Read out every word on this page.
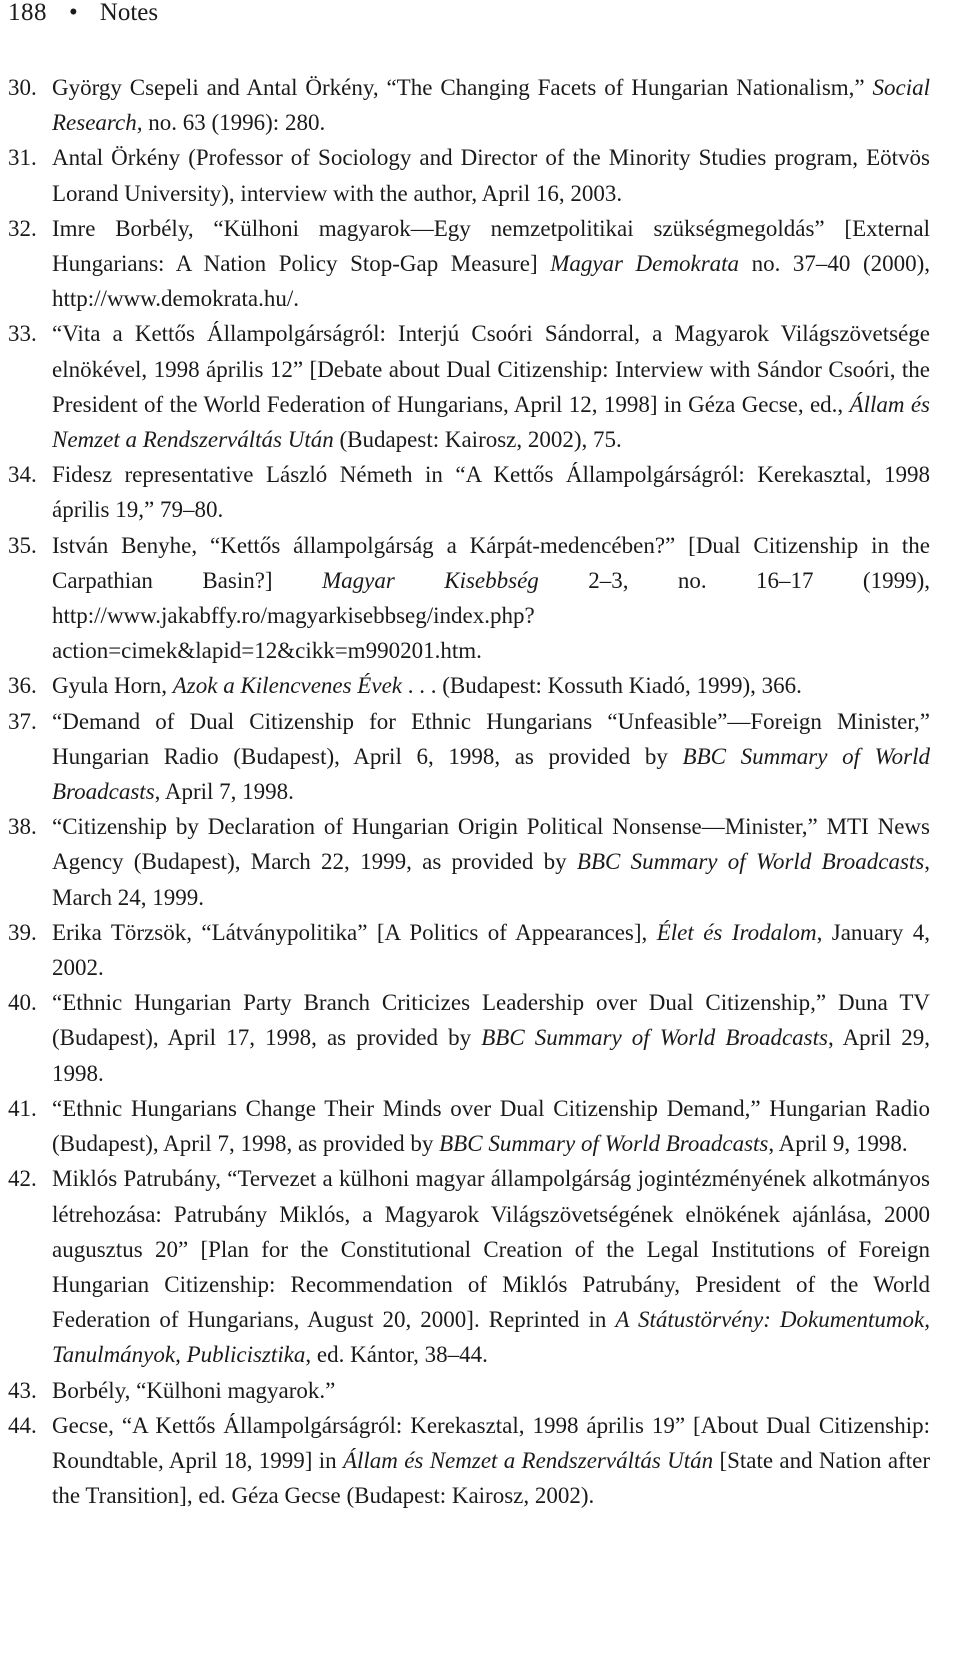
188 • Notes
30. György Csepeli and Antal Örkény, “The Changing Facets of Hungarian Nationalism,” Social Research, no. 63 (1996): 280.
31. Antal Örkény (Professor of Sociology and Director of the Minority Studies program, Eötvös Lorand University), interview with the author, April 16, 2003.
32. Imre Borbély, “Külhoni magyarok—Egy nemzetpolitikai szükségmegoldás” [External Hungarians: A Nation Policy Stop-Gap Measure] Magyar Demokrata no. 37–40 (2000), http://www.demokrata.hu/.
33. “Vita a Kettős Állampolgárságról: Interjú Csoóri Sándorral, a Magyarok Világszövetsége elnökével, 1998 április 12” [Debate about Dual Citizenship: Interview with Sándor Csoóri, the President of the World Federation of Hungarians, April 12, 1998] in Géza Gecse, ed., Állam és Nemzet a Rendszerváltás Után (Budapest: Kairosz, 2002), 75.
34. Fidesz representative László Németh in “A Kettős Állampolgárságról: Kerekasztal, 1998 április 19,” 79–80.
35. István Benyhe, “Kettős állampolgárság a Kárpát-medencében?” [Dual Citizenship in the Carpathian Basin?] Magyar Kisebbség 2–3, no. 16–17 (1999), http://www.jakabffy.ro/magyarkisebbseg/index.php?action=cimek&lapid=12&cikk=m990201.htm.
36. Gyula Horn, Azok a Kilencvenes Évek . . . (Budapest: Kossuth Kiadó, 1999), 366.
37. “Demand of Dual Citizenship for Ethnic Hungarians “Unfeasible”—Foreign Minister,” Hungarian Radio (Budapest), April 6, 1998, as provided by BBC Summary of World Broadcasts, April 7, 1998.
38. “Citizenship by Declaration of Hungarian Origin Political Nonsense—Minister,” MTI News Agency (Budapest), March 22, 1999, as provided by BBC Summary of World Broadcasts, March 24, 1999.
39. Erika Törzsök, “Látványpolitika” [A Politics of Appearances], Élet és Irodalom, January 4, 2002.
40. “Ethnic Hungarian Party Branch Criticizes Leadership over Dual Citizenship,” Duna TV (Budapest), April 17, 1998, as provided by BBC Summary of World Broadcasts, April 29, 1998.
41. “Ethnic Hungarians Change Their Minds over Dual Citizenship Demand,” Hungarian Radio (Budapest), April 7, 1998, as provided by BBC Summary of World Broadcasts, April 9, 1998.
42. Miklós Patrubány, “Tervezet a külhoni magyar állampolgárság jogintézményének alkotmányos létrehozása: Patrubány Miklós, a Magyarok Világszövetségének elnökének ajánlása, 2000 augusztus 20” [Plan for the Constitutional Creation of the Legal Institutions of Foreign Hungarian Citizenship: Recommendation of Miklós Patrubány, President of the World Federation of Hungarians, August 20, 2000]. Reprinted in A Státustörvény: Dokumentumok, Tanulmányok, Publicisztika, ed. Kántor, 38–44.
43. Borbély, “Külhoni magyarok.”
44. Gecse, “A Kettős Állampolgárságról: Kerekasztal, 1998 április 19” [About Dual Citizenship: Roundtable, April 18, 1999] in Állam és Nemzet a Rendszerváltás Után [State and Nation after the Transition], ed. Géza Gecse (Budapest: Kairosz, 2002).
